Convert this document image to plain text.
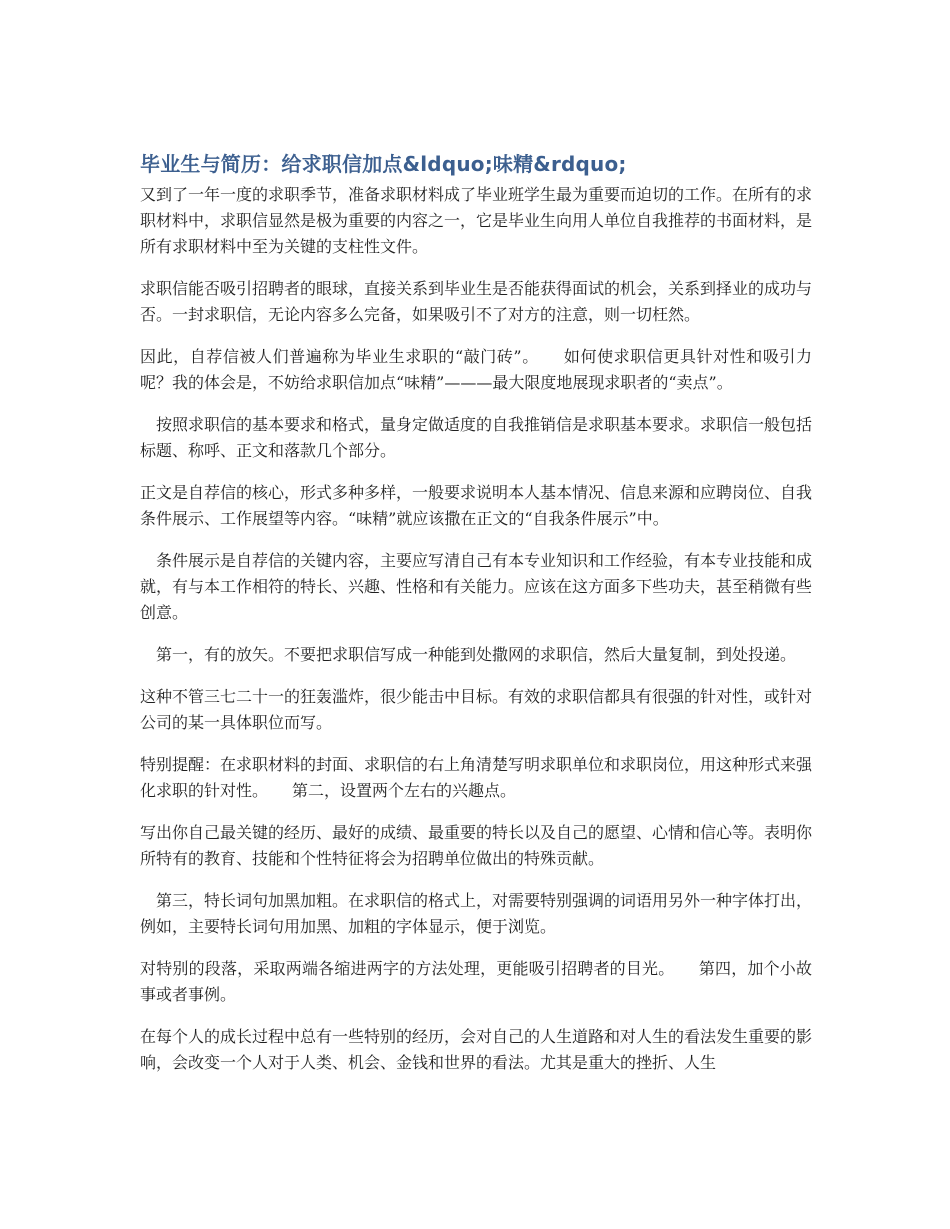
毕业生与简历：给求职信加点&ldquo;味精&rdquo;

又到了一年一度的求职季节，准备求职材料成了毕业班学生最为重要而迫切的工作。在所有的求职材料中，求职信显然是极为重要的内容之一，它是毕业生向用人单位自我推荐的书面材料，是所有求职材料中至为关键的支柱性文件。

求职信能否吸引招聘者的眼球，直接关系到毕业生是否能获得面试的机会，关系到择业的成功与否。一封求职信，无论内容多么完备，如果吸引不了对方的注意，则一切枉然。

因此，自荐信被人们普遍称为毕业生求职的“敲门砖”。　　如何使求职信更具针对性和吸引力呢？我的体会是，不妨给求职信加点“味精”———最大限度地展现求职者的“卖点”。

　按照求职信的基本要求和格式，量身定做适度的自我推销信是求职基本要求。求职信一般包括标题、称呼、正文和落款几个部分。

正文是自荐信的核心，形式多种多样，一般要求说明本人基本情况、信息来源和应聘岗位、自我条件展示、工作展望等内容。“味精”就应该撒在正文的“自我条件展示”中。

　条件展示是自荐信的关键内容，主要应写清自己有本专业知识和工作经验，有本专业技能和成就，有与本工作相符的特长、兴趣、性格和有关能力。应该在这方面多下些功夫，甚至稍微有些创意。

　第一，有的放矢。不要把求职信写成一种能到处撒网的求职信，然后大量复制，到处投递。

这种不管三七二十一的狂轰滥炸，很少能击中目标。有效的求职信都具有很强的针对性，或针对公司的某一具体职位而写。

特别提醒：在求职材料的封面、求职信的右上角清楚写明求职单位和求职岗位，用这种形式来强化求职的针对性。　　第二，设置两个左右的兴趣点。

写出你自己最关键的经历、最好的成绩、最重要的特长以及自己的愿望、心情和信心等。表明你所特有的教育、技能和个性特征将会为招聘单位做出的特殊贡献。

　第三，特长词句加黑加粗。在求职信的格式上，对需要特别强调的词语用另外一种字体打出，例如，主要特长词句用加黑、加粗的字体显示，便于浏览。

对特别的段落，采取两端各缩进两字的方法处理，更能吸引招聘者的目光。　　第四，加个小故事或者事例。

在每个人的成长过程中总有一些特别的经历，会对自己的人生道路和对人生的看法发生重要的影响，会改变一个人对于人类、机会、金钱和世界的看法。尤其是重大的挫折、人生
